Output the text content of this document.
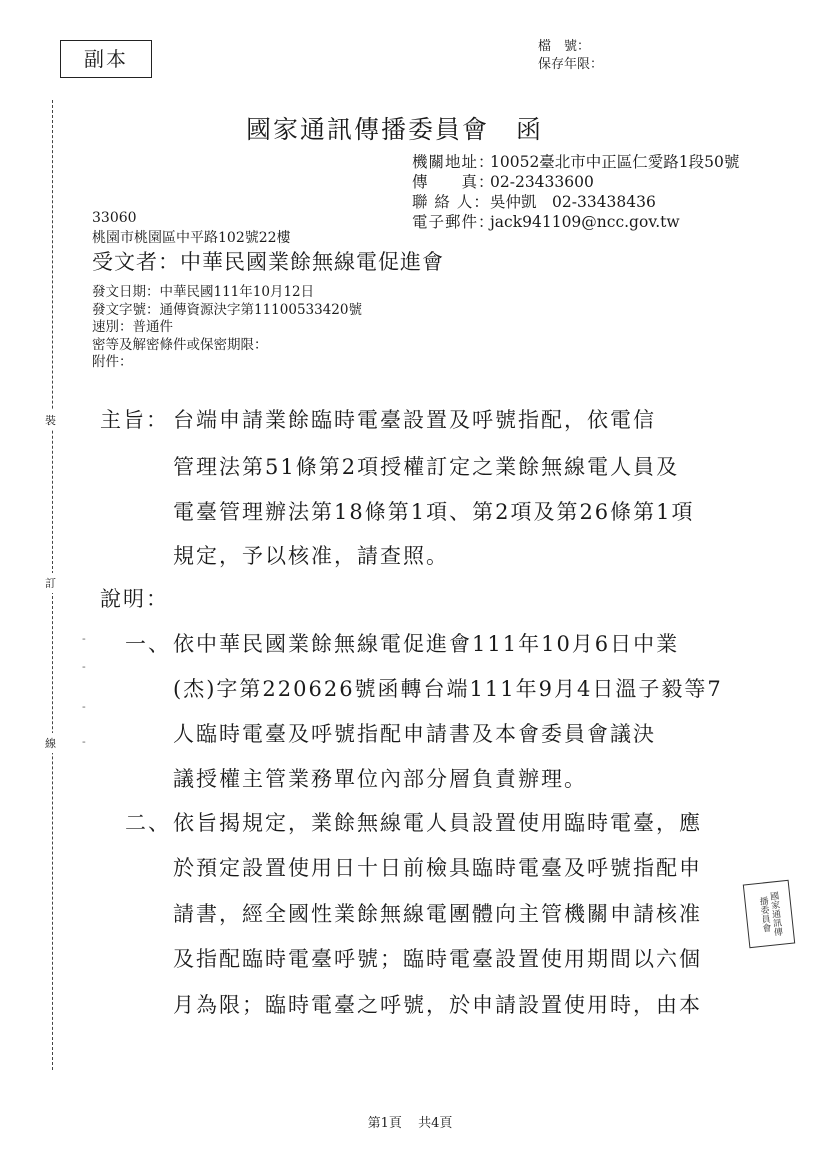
副本
檔　號：
保存年限：
國家通訊傳播委員會　函
機關地址：
10052臺北市中正區仁愛路1段50號
傳　　真：
02-23433600
聯 絡 人： 吳仲凱　02-33438436
電子郵件：
jack941109@ncc.gov.tw
33060
桃園市桃園區中平路102號22樓
受文者：中華民國業餘無線電促進會
發文日期：中華民國111年10月12日
發文字號：通傳資源決字第11100533420號
速別：普通件
密等及解密條件或保密期限：
附件：
裝
訂
線
-
-
-
-
主旨： 台端申請業餘臨時電臺設置及呼號指配，依電信
管理法第51條第2項授權訂定之業餘無線電人員及
電臺管理辦法第18條第1項、第2項及第26條第1項
規定，予以核准，請查照。
說明：
一、 依中華民國業餘無線電促進會111年10月6日中業
(杰)字第220626號函轉台端111年9月4日溫子毅等7
人臨時電臺及呼號指配申請書及本會委員會議決
議授權主管業務單位內部分層負責辦理。
二、 依旨揭規定，業餘無線電人員設置使用臨時電臺，應
於預定設置使用日十日前檢具臨時電臺及呼號指配申
請書，經全國性業餘無線電團體向主管機關申請核准
及指配臨時電臺呼號；臨時電臺設置使用期間以六個
月為限；臨時電臺之呼號，於申請設置使用時，由本
國家通訊傳播委員會
第1頁 共4頁
